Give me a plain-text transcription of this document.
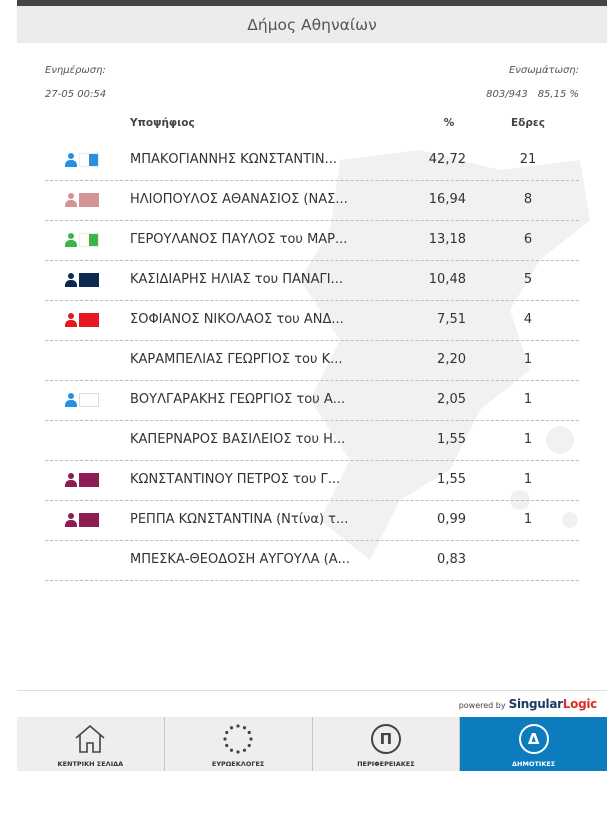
Δήμος Αθηναίων
Ενημέρωση:
27-05 00:54
Ενσωμάτωση:
803/943 85,15 %
Υποψήφιος	%	Εδρες
ΜΠΑΚΟΓΙΑΝΝΗΣ ΚΩΝΣΤΑΝΤΙΝ...	42,72	21
ΗΛΙΟΠΟΥΛΟΣ ΑΘΑΝΑΣΙΟΣ (ΝΑΣ...	16,94	8
ΓΕΡΟΥΛΑΝΟΣ ΠΑΥΛΟΣ του ΜΑΡ...	13,18	6
ΚΑΣΙΔΙΑΡΗΣ ΗΛΙΑΣ του ΠΑΝΑΓΙ...	10,48	5
ΣΟΦΙΑΝΟΣ ΝΙΚΟΛΑΟΣ του ΑΝΔ...	7,51	4
ΚΑΡΑΜΠΕΛΙΑΣ ΓΕΩΡΓΙΟΣ του Κ...	2,20	1
ΒΟΥΛΓΑΡΑΚΗΣ ΓΕΩΡΓΙΟΣ του Α...	2,05	1
ΚΑΠΕΡΝΑΡΟΣ ΒΑΣΙΛΕΙΟΣ του Η...	1,55	1
ΚΩΝΣΤΑΝΤΙΝΟΥ ΠΕΤΡΟΣ του Γ...	1,55	1
ΡΕΠΠΑ ΚΩΝΣΤΑΝΤΙΝΑ (Ντίνα) τ...	0,99	1
ΜΠΕΣΚΑ-ΘΕΟΔΟΣΗ ΑΥΓΟΥΛΑ (Α...	0,83
powered by SingularLogic
ΚΕΝΤΡΙΚΗ ΣΕΛΙΔΑ	ΕΥΡΩΕΚΛΟΓΕΣ
Π
ΠΕΡΙΦΕΡΕΙΑΚΕΣ
Δ
ΔΗΜΟΤΙΚΕΣ
